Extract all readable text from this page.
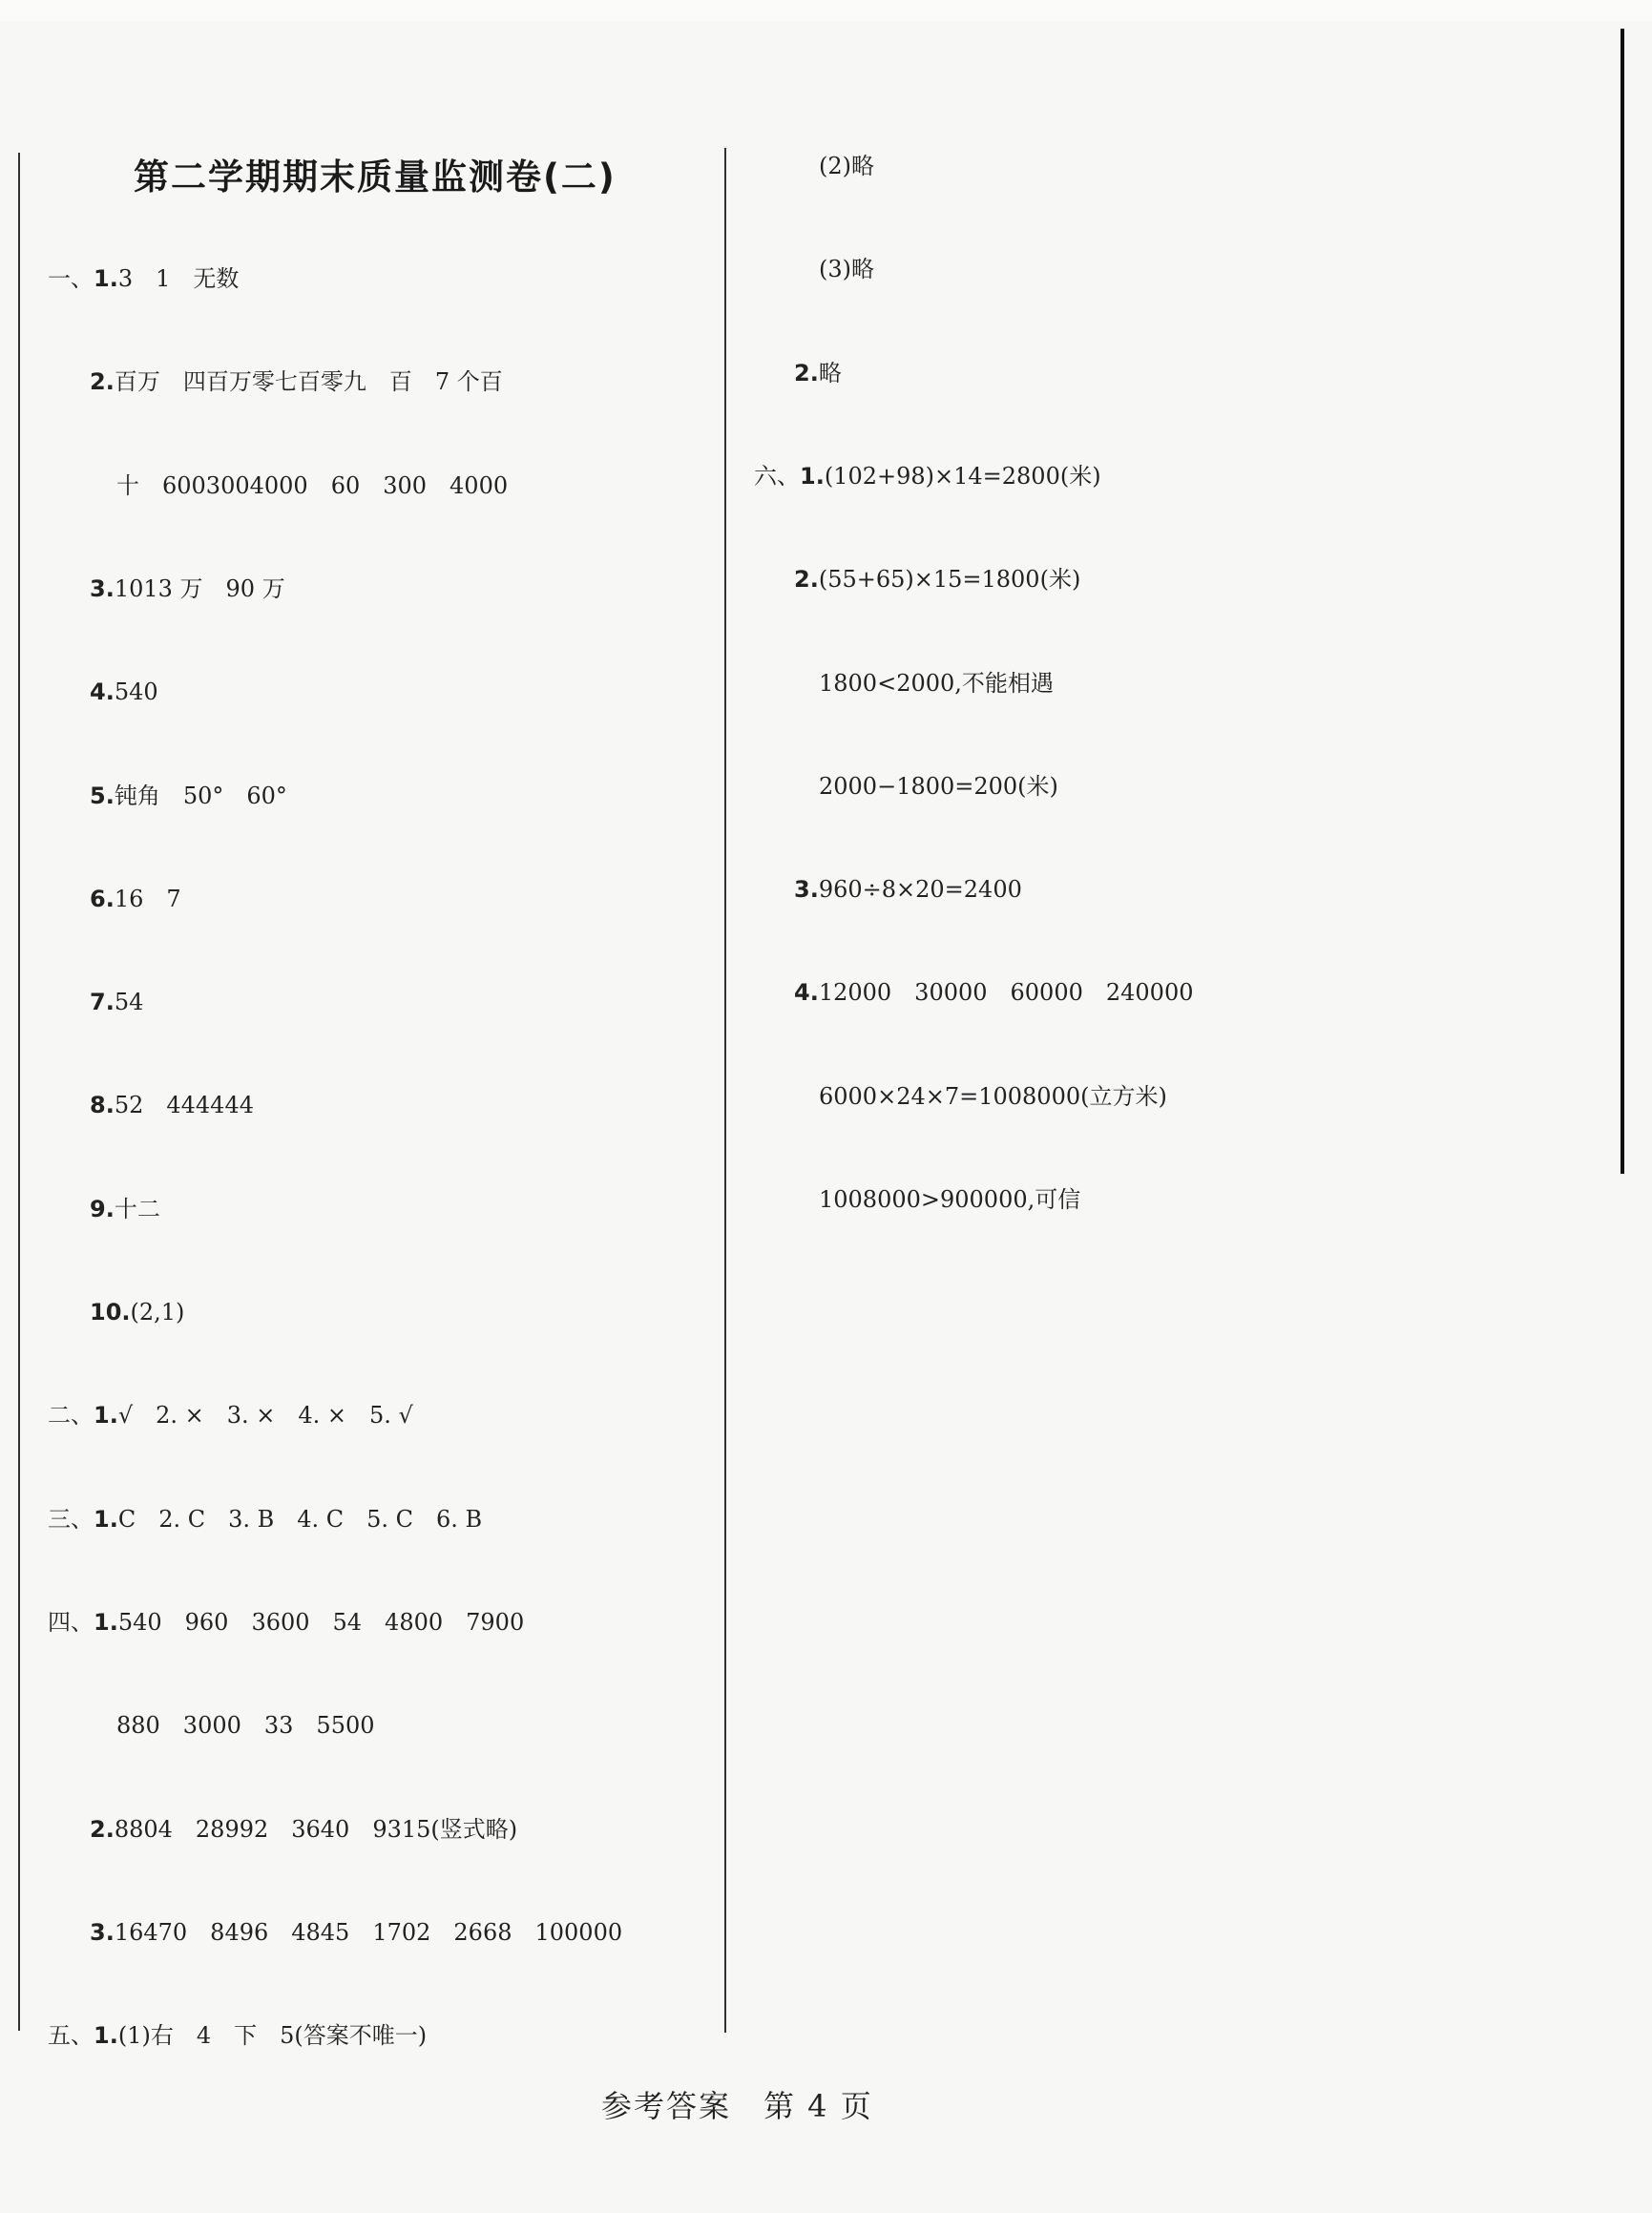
第二学期期末质量监测卷(二)
一、1.3　1　无数
2.百万　四百万零七百零九　百　7 个百
十　6003004000　60　300　4000
3.1013 万　90 万
4.540
5.钝角　50°　60°
6.16　7
7.54
8.52　444444
9.十二
10.(2,1)
二、1.√　2. ×　3. ×　4. ×　5. √
三、1.C　2. C　3. B　4. C　5. C　6. B
四、1.540　960　3600　54　4800　7900
880　3000　33　5500
2.8804　28992　3640　9315(竖式略)
3.16470　8496　4845　1702　2668　100000
五、1.(1)右　4　下　5(答案不唯一)
(2)略
(3)略
2.略
六、1.(102+98)×14=2800(米)
2.(55+65)×15=1800(米)
1800<2000,不能相遇
2000−1800=200(米)
3.960÷8×20=2400
4.12000　30000　60000　240000
6000×24×7=1008000(立方米)
1008000>900000,可信
参考答案　第 4 页
